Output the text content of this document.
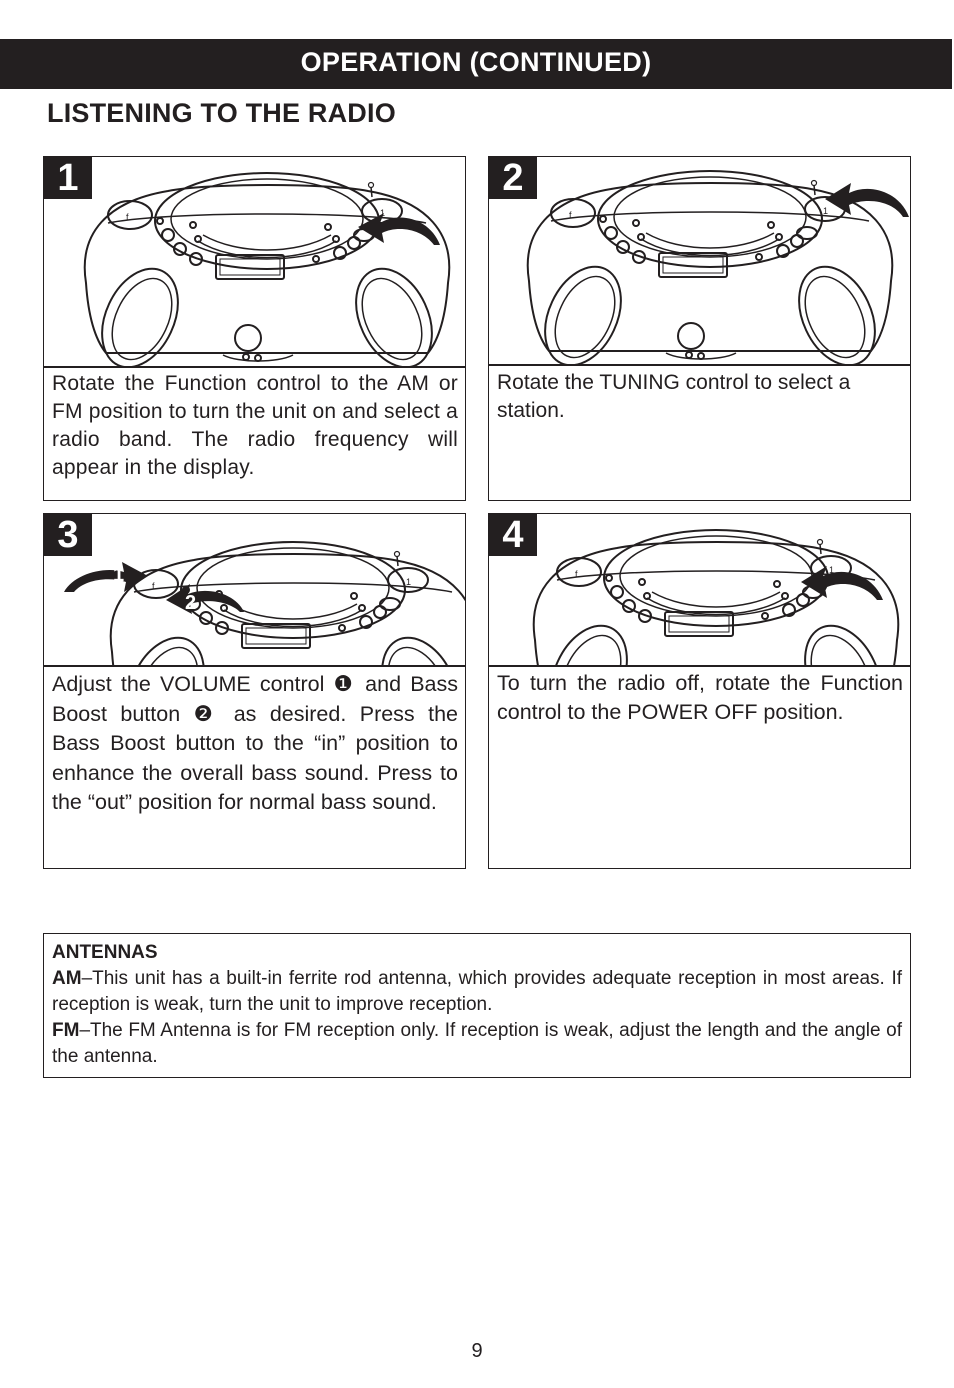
OPERATION (CONTINUED)
LISTENING TO THE RADIO
1
Rotate the Function control to the AM or FM position to turn the unit on and select a radio band. The radio frequency will appear in the display.
2
Rotate the TUNING control to select a station.
1
2
3
Adjust the VOLUME control ❶ and Bass Boost button ❷ as desired. Press the Bass Boost button to the “in” position to enhance the overall bass sound. Press to the “out” position for normal bass sound.
4
To turn the radio off, rotate the Function control to the POWER OFF position.
ANTENNAS
AM–This unit has a built-in ferrite rod antenna, which provides adequate reception in most areas. If reception is weak, turn the unit to improve reception.
FM–The FM Antenna is for FM reception only. If reception is weak, adjust the length and the angle of the antenna.
9
